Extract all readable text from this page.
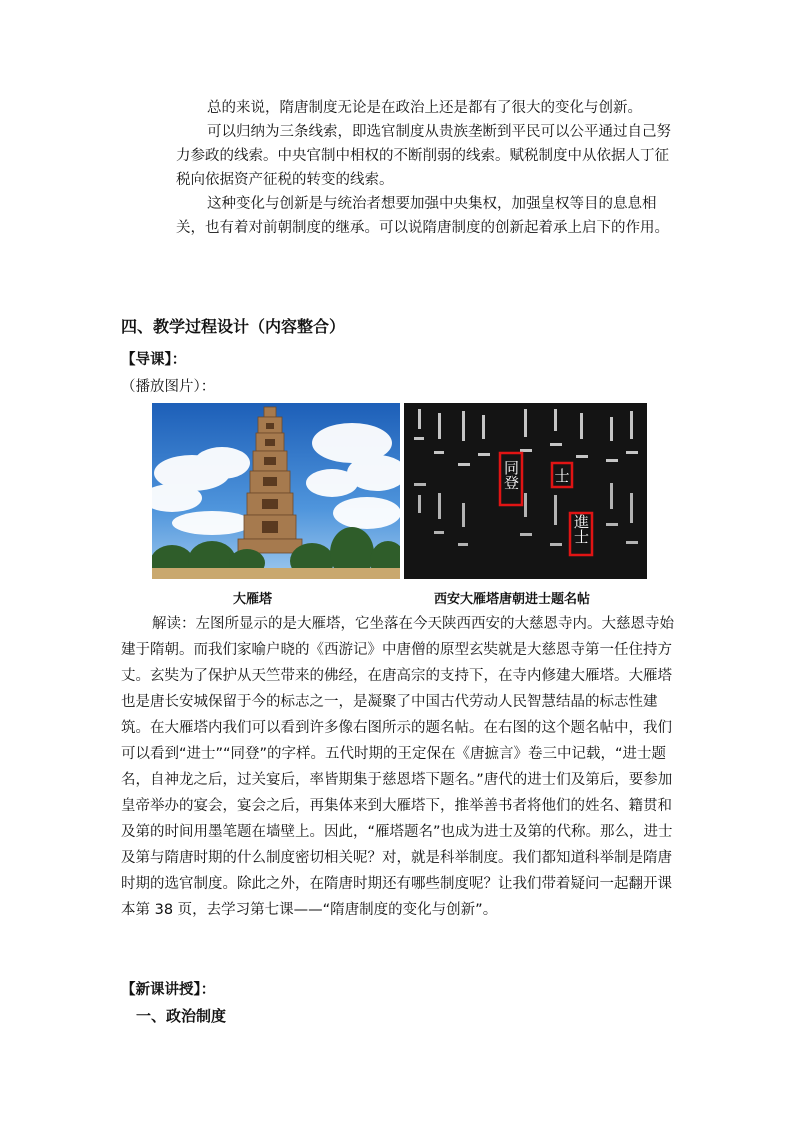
总的来说，隋唐制度无论是在政治上还是都有了很大的变化与创新。

可以归纳为三条线索，即选官制度从贵族垄断到平民可以公平通过自己努力参政的线索。中央官制中相权的不断削弱的线索。赋税制度中从依据人丁征税向依据资产征税的转变的线索。

这种变化与创新是与统治者想要加强中央集权，加强皇权等目的息息相关，也有着对前朝制度的继承。可以说隋唐制度的创新起着承上启下的作用。

四、教学过程设计（内容整合）
【导课】：
（播放图片）：
同登 士
進士
大雁塔	西安大雁塔唐朝进士题名帖

解读：左图所显示的是大雁塔，它坐落在今天陕西西安的大慈恩寺内。大慈恩寺始建于隋朝。而我们家喻户晓的《西游记》中唐僧的原型玄奘就是大慈恩寺第一任住持方丈。玄奘为了保护从天竺带来的佛经，在唐高宗的支持下，在寺内修建大雁塔。大雁塔也是唐长安城保留于今的标志之一，是凝聚了中国古代劳动人民智慧结晶的标志性建筑。在大雁塔内我们可以看到许多像右图所示的题名帖。在右图的这个题名帖中，我们可以看到“进士”“同登”的字样。五代时期的王定保在《唐摭言》卷三中记载，“进士题名，自神龙之后，过关宴后，率皆期集于慈恩塔下题名。”唐代的进士们及第后，要参加皇帝举办的宴会，宴会之后，再集体来到大雁塔下，推举善书者将他们的姓名、籍贯和及第的时间用墨笔题在墙壁上。因此，“雁塔题名”也成为进士及第的代称。那么，进士及第与隋唐时期的什么制度密切相关呢？对，就是科举制度。我们都知道科举制是隋唐时期的选官制度。除此之外，在隋唐时期还有哪些制度呢？让我们带着疑问一起翻开课本第 38 页，去学习第七课——“隋唐制度的变化与创新”。

【新课讲授】：
一、政治制度
